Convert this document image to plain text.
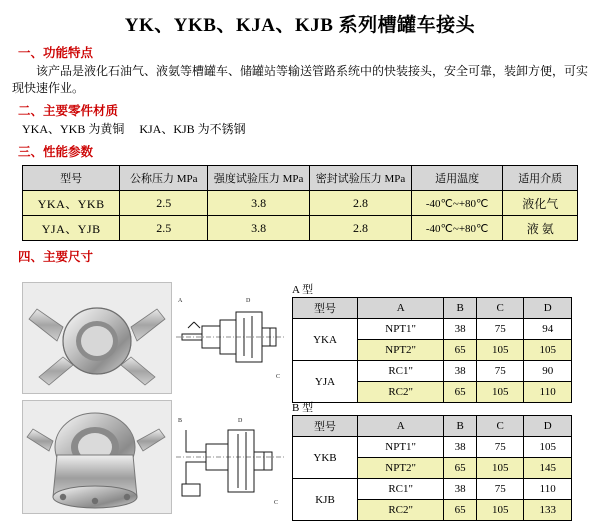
YK、YKB、KJA、KJB 系列槽罐车接头
一、功能特点
该产品是液化石油气、液氨等槽罐车、储罐站等输送管路系统中的快装接头，安全可靠，装卸方便，可实现快速作业。
二、主要零件材质
YKA、YKB 为黄铜     KJA、KJB 为不锈钢
三、性能参数
型号	公称压力 MPa	强度试验压力 MPa	密封试验压力 MPa	适用温度	适用介质
YKA、YKB	2.5	3.8	2.8	-40℃~+80℃	液化气
YJA、YJB	2.5	3.8	2.8	-40℃~+80℃	液 氨
四、主要尺寸
A	D
C
A 型
型号	A	B	C	D
YKA	NPT1"	38	75	94
	NPT2"	65	105	105
YJA	RC1"	38	75	90
	RC2"	65	105	110
B	D
C
B 型
型号	A	B	C	D
YKB	NPT1"	38	75	105
	NPT2"	65	105	145
KJB	RC1"	38	75	110
	RC2"	65	105	133
